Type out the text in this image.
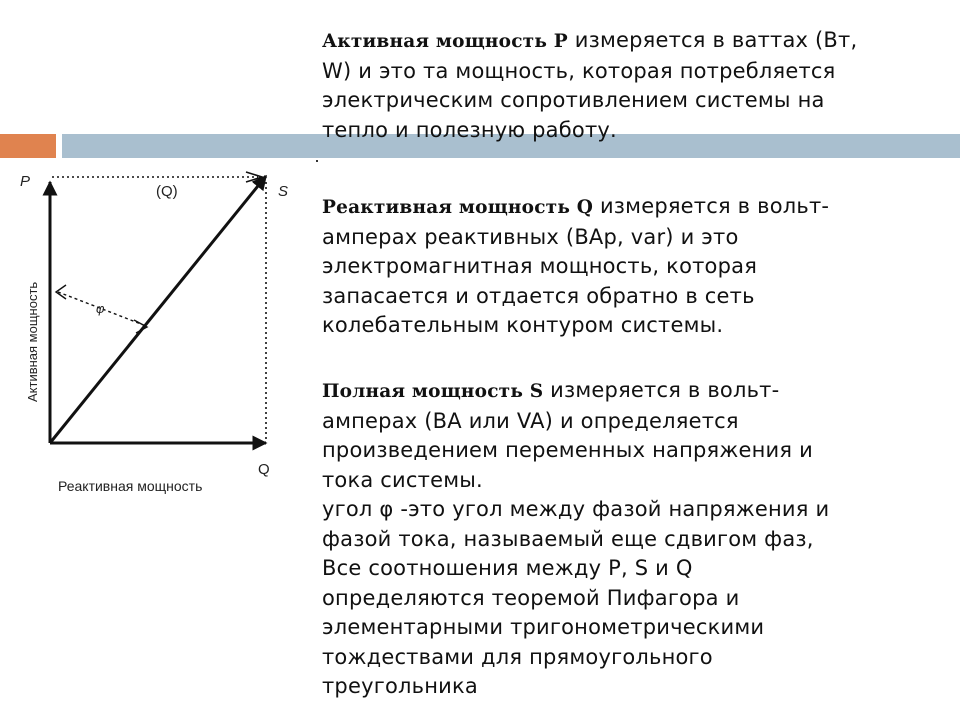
P
(Q)	S
Q
φ
Активная мощность
Реактивная мощность

Активная мощность P измеряется в ваттах (Вт,
W) и это та мощность, которая потребляется
электрическим сопротивлением системы на
тепло и полезную работу.

Реактивная мощность Q измеряется в вольт-
амперах реактивных (ВАр, var) и это
электромагнитная мощность, которая
запасается и отдается обратно в сеть
колебательным контуром системы.

Полная мощность S измеряется в вольт-
амперах (ВА или VA) и определяется
произведением переменных напряжения и
тока системы.
угол φ -это угол между фазой напряжения и
фазой тока, называемый еще сдвигом фаз,
Все соотношения между P, S и Q
определяются теоремой Пифагора и
элементарными тригонометрическими
тождествами для прямоугольного
треугольника
